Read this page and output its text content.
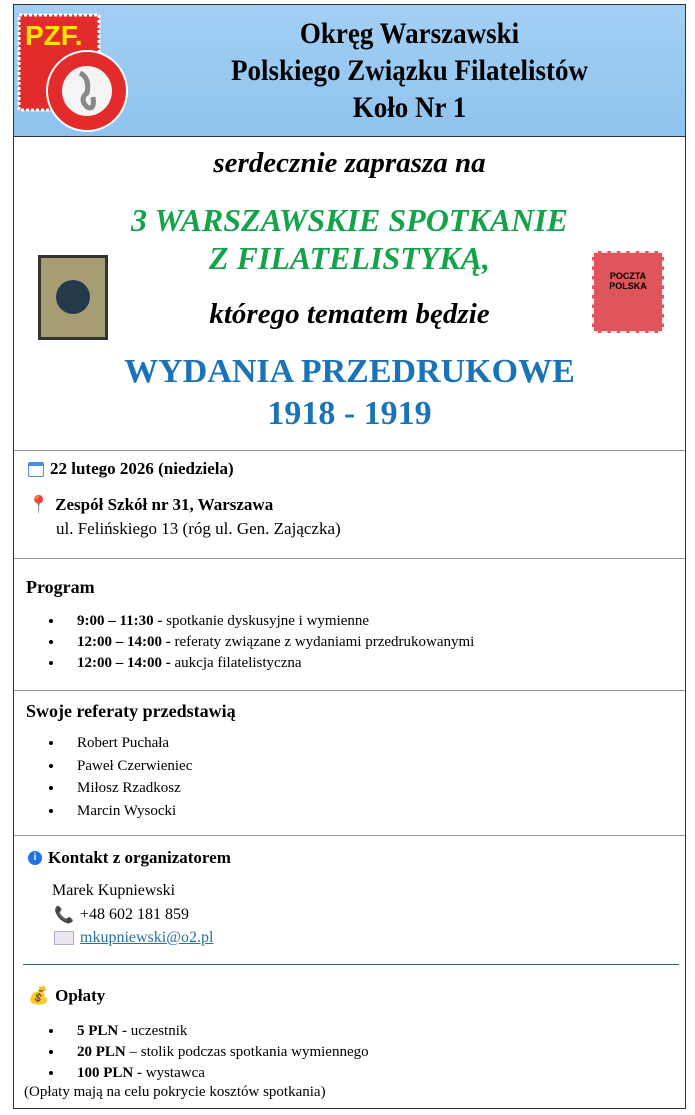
PZF.	Okręg Warszawski
Polskiego Związku Filatelistów
Koło Nr 1
serdecznie zaprasza na
3 WARSZAWSKIE SPOTKANIE
Z FILATELISTYKĄ,
którego tematem będzie
WYDANIA PRZEDRUKOWE
1918 - 1919
POCZTA POLSKA
22 lutego 2026 (niedziela)
📍 Zespół Szkół nr 31, Warszawa
ul. Felińskiego 13 (róg ul. Gen. Zajączka)
Program
• 9:00 – 11:30 - spotkanie dyskusyjne i wymienne
• 12:00 – 14:00 - referaty związane z wydaniami przedrukowanymi
• 12:00 – 14:00 - aukcja filatelistyczna
Swoje referaty przedstawią
• Robert Puchała
• Paweł Czerwieniec
• Miłosz Rzadkosz
• Marcin Wysocki
i Kontakt z organizatorem
Marek Kupniewski
📞 +48 602 181 859
mkupniewski@o2.pl
💰 Opłaty
• 5 PLN - uczestnik
• 20 PLN – stolik podczas spotkania wymiennego
• 100 PLN - wystawca
(Opłaty mają na celu pokrycie kosztów spotkania)
